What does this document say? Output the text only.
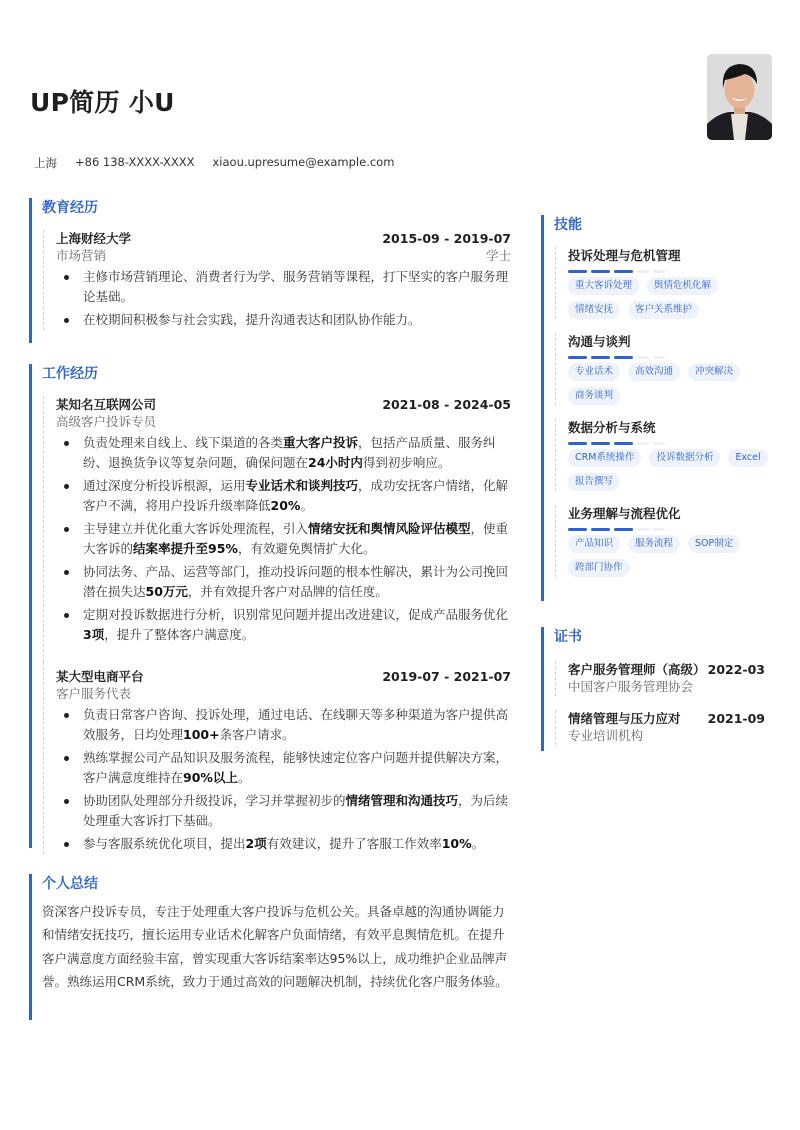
UP简历 小U
上海 +86 138-XXXX-XXXX xiaou.upresume@example.com
教育经历
上海财经大学	2015-09 - 2019-07
市场营销	学士
主修市场营销理论、消费者行为学、服务营销等课程，打下坚实的客户服务理论基础。
在校期间积极参与社会实践，提升沟通表达和团队协作能力。
工作经历
某知名互联网公司	2021-08 - 2024-05
高级客户投诉专员
负责处理来自线上、线下渠道的各类重大客户投诉，包括产品质量、服务纠纷、退换货争议等复杂问题，确保问题在24小时内得到初步响应。
通过深度分析投诉根源，运用专业话术和谈判技巧，成功安抚客户情绪，化解客户不满，将用户投诉升级率降低20%。
主导建立并优化重大客诉处理流程，引入情绪安抚和舆情风险评估模型，使重大客诉的结案率提升至95%，有效避免舆情扩大化。
协同法务、产品、运营等部门，推动投诉问题的根本性解决，累计为公司挽回潜在损失达50万元，并有效提升客户对品牌的信任度。
定期对投诉数据进行分析，识别常见问题并提出改进建议，促成产品服务优化3项，提升了整体客户满意度。
某大型电商平台	2019-07 - 2021-07
客户服务代表
负责日常客户咨询、投诉处理，通过电话、在线聊天等多种渠道为客户提供高效服务，日均处理100+条客户请求。
熟练掌握公司产品知识及服务流程，能够快速定位客户问题并提供解决方案，客户满意度维持在90%以上。
协助团队处理部分升级投诉，学习并掌握初步的情绪管理和沟通技巧，为后续处理重大客诉打下基础。
参与客服系统优化项目，提出2项有效建议，提升了客服工作效率10%。
个人总结
资深客户投诉专员，专注于处理重大客户投诉与危机公关。具备卓越的沟通协调能力和情绪安抚技巧，擅长运用专业话术化解客户负面情绪，有效平息舆情危机。在提升客户满意度方面经验丰富，曾实现重大客诉结案率达95%以上，成功维护企业品牌声誉。熟练运用CRM系统，致力于通过高效的问题解决机制，持续优化客户服务体验。
技能
投诉处理与危机管理
重大客诉处理	舆情危机化解
情绪安抚	客户关系维护
沟通与谈判
专业话术	高效沟通	冲突解决
商务谈判
数据分析与系统
CRM系统操作	投诉数据分析	Excel
报告撰写
业务理解与流程优化
产品知识	服务流程	SOP制定
跨部门协作
证书
客户服务管理师（高级） 2022-03
中国客户服务管理协会
情绪管理与压力应对 2021-09
专业培训机构
